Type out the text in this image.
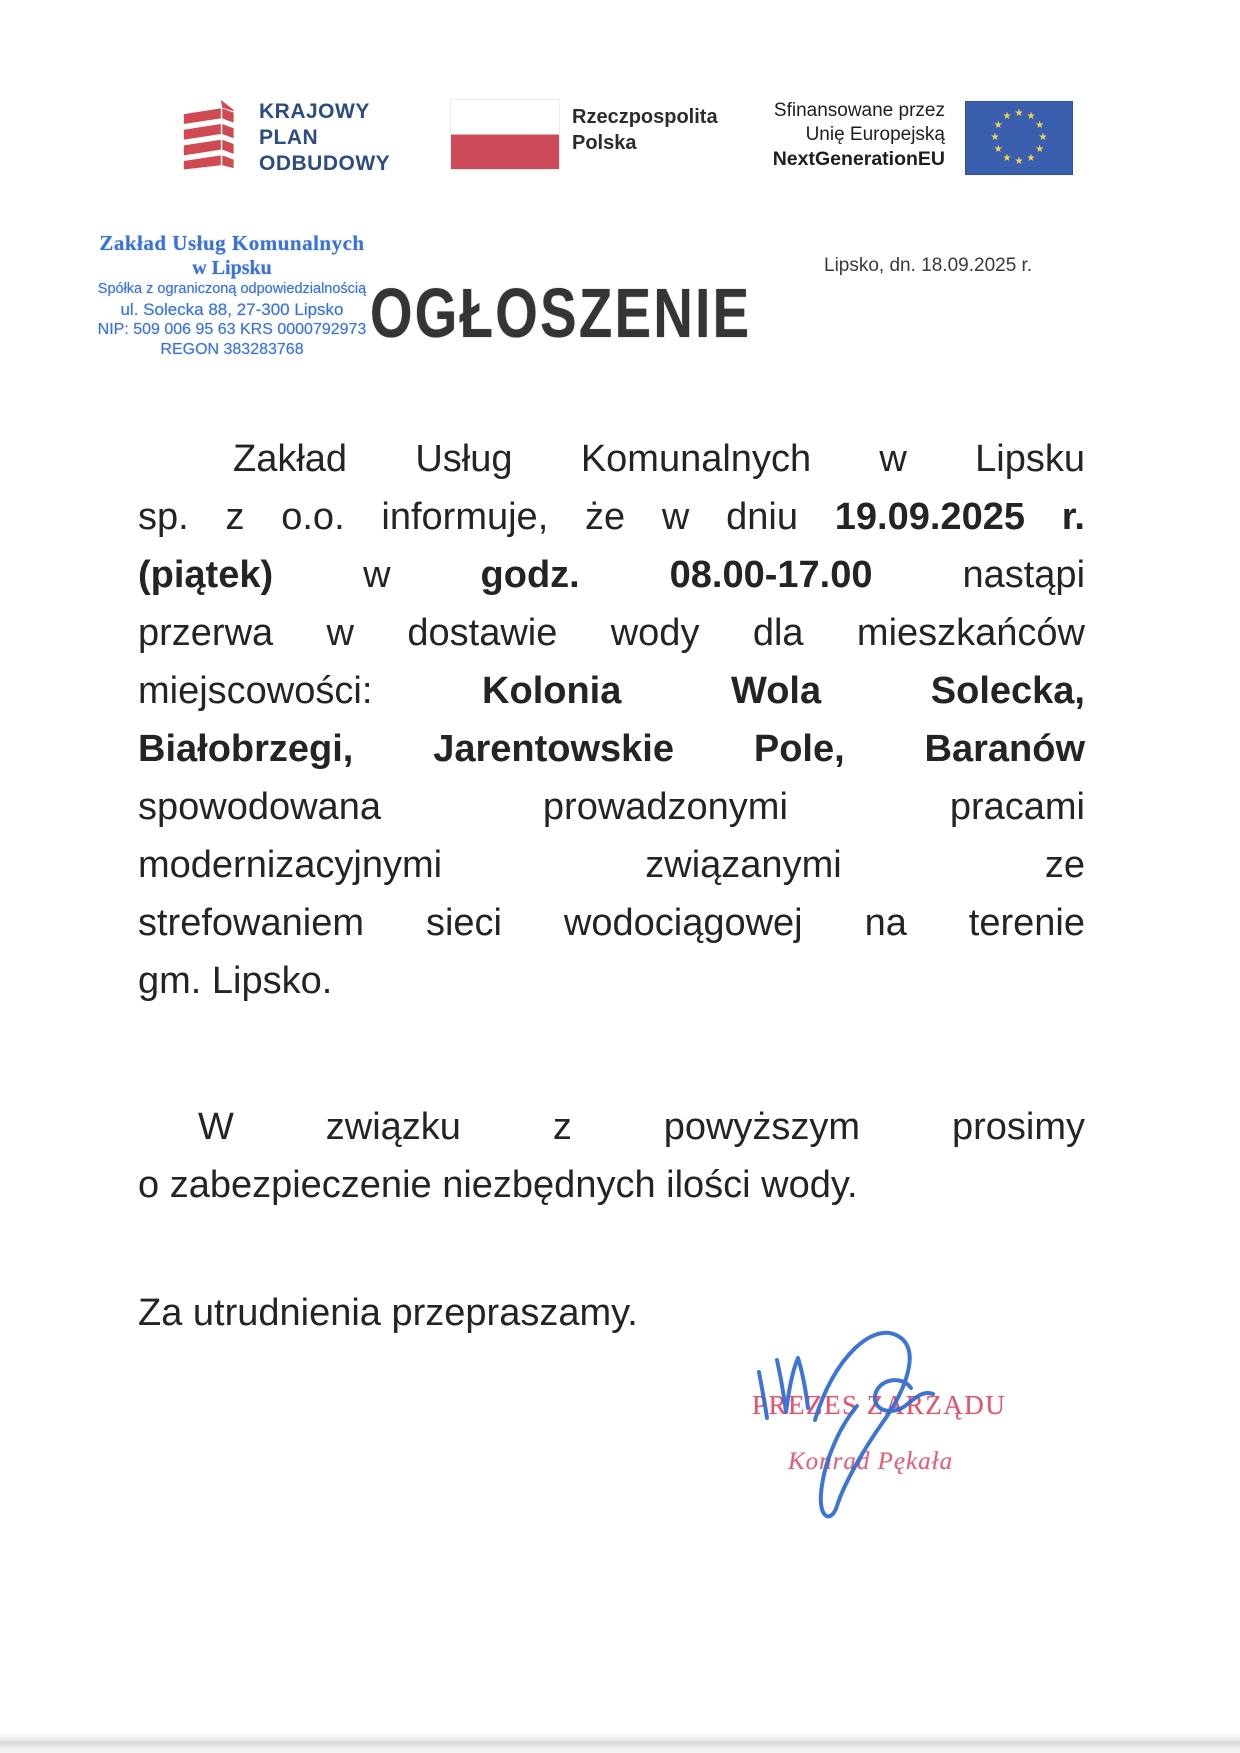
KRAJOWY
PLAN
ODBUDOWY
Rzeczpospolita
Polska
Sfinansowane przez
Unię Europejską
NextGenerationEU
★ ★
★
★
★
★
★
★
★
★
★
★
Zakład Usług Komunalnych
w Lipsku
Spółka z ograniczoną odpowiedzialnością
ul. Solecka 88, 27-300 Lipsko
NIP: 509 006 95 63 KRS 0000792973
REGON 383283768
Lipsko, dn. 18.09.2025 r.
OGŁOSZENIE
Zakład Usług Komunalnych w Lipsku
sp. z o.o. informuje, że w dniu 19.09.2025 r.
(piątek) w godz. 08.00-17.00 nastąpi
przerwa w dostawie wody dla mieszkańców
miejscowości: Kolonia Wola Solecka,
Białobrzegi, Jarentowskie Pole, Baranów
spowodowana prowadzonymi pracami
modernizacyjnymi związanymi ze
strefowaniem sieci wodociągowej na terenie
gm. Lipsko.
W związku z powyższym prosimy
o zabezpieczenie niezbędnych ilości wody.
Za utrudnienia przepraszamy.
PREZES ZARZĄDU
Konrad Pękała
